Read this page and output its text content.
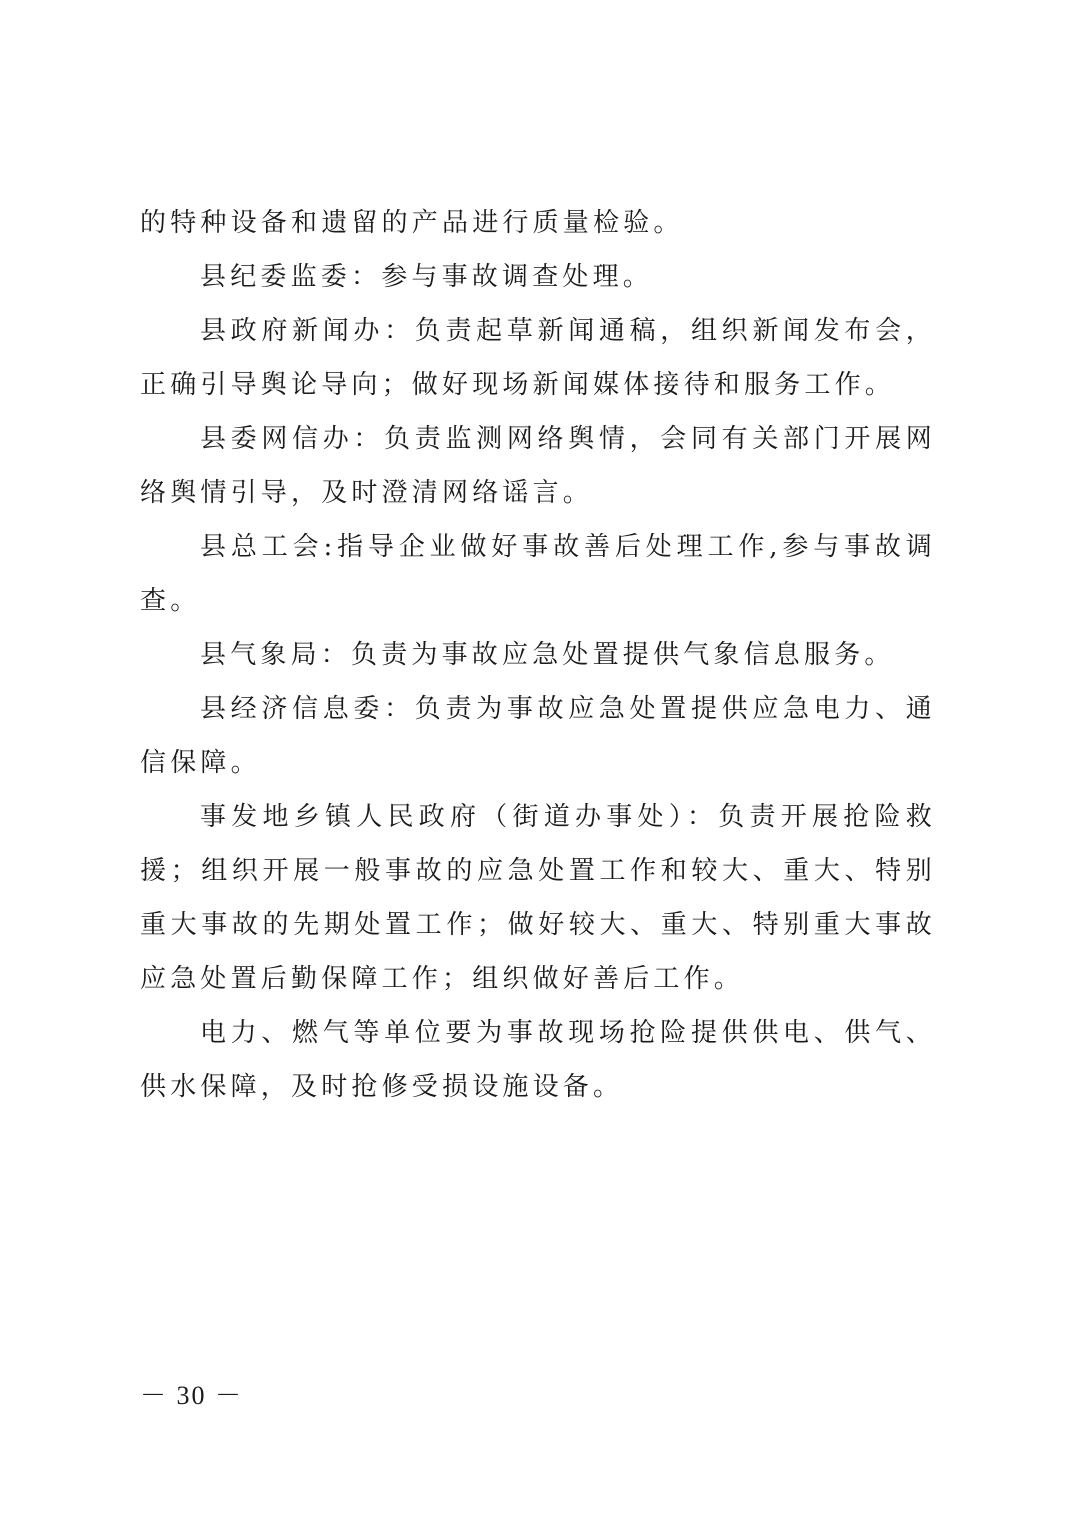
的特种设备和遗留的产品进行质量检验。

县纪委监委：参与事故调查处理。

县政府新闻办：负责起草新闻通稿，组织新闻发布会，正确引导舆论导向；做好现场新闻媒体接待和服务工作。

县委网信办：负责监测网络舆情，会同有关部门开展网络舆情引导，及时澄清网络谣言。

县总工会:指导企业做好事故善后处理工作,参与事故调查。

县气象局：负责为事故应急处置提供气象信息服务。

县经济信息委：负责为事故应急处置提供应急电力、通信保障。

事发地乡镇人民政府（街道办事处）：负责开展抢险救援；组织开展一般事故的应急处置工作和较大、重大、特别重大事故的先期处置工作；做好较大、重大、特别重大事故应急处置后勤保障工作；组织做好善后工作。

电力、燃气等单位要为事故现场抢险提供供电、供气、供水保障，及时抢修受损设施设备。

－ 30 －
